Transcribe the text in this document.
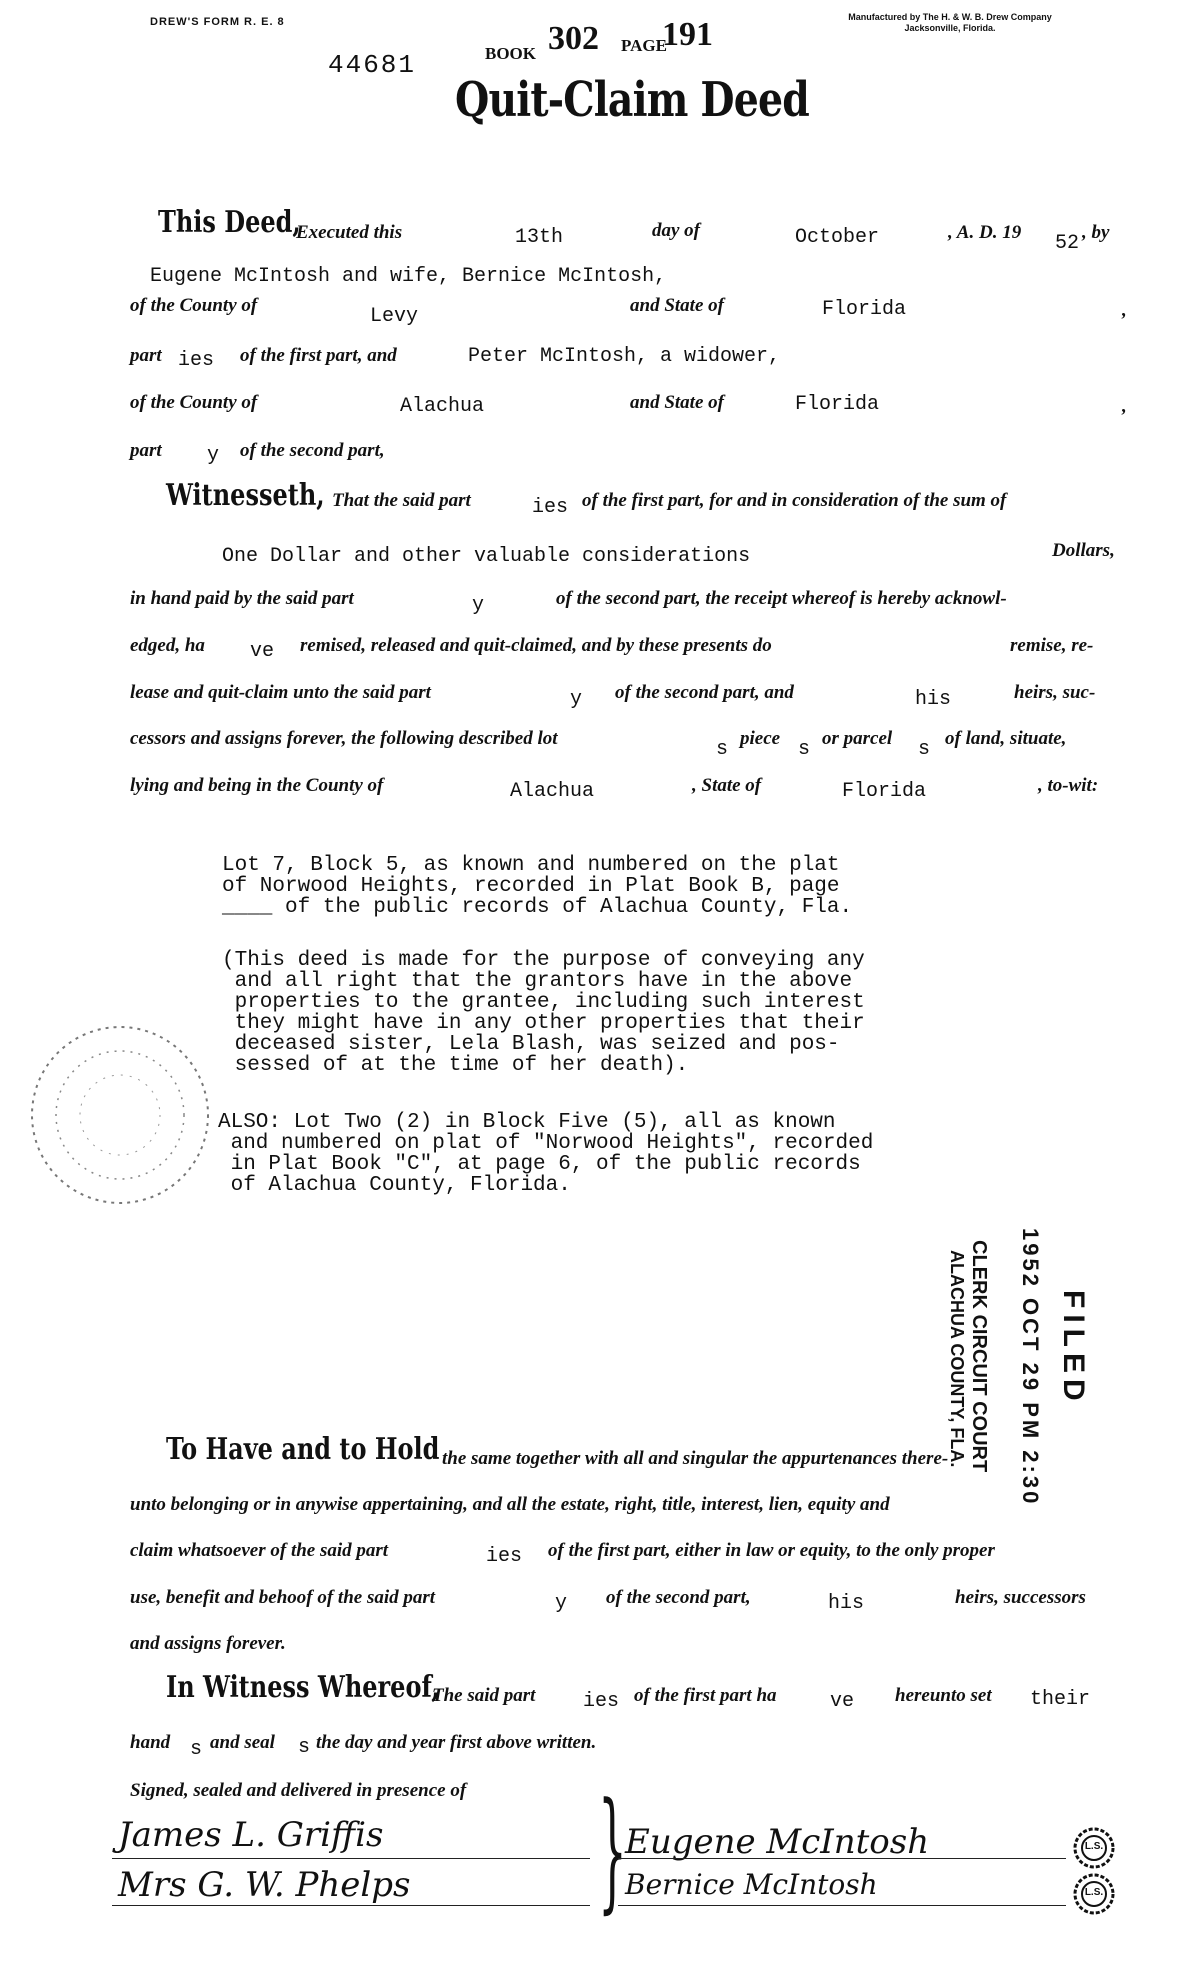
DREW'S FORM R. E. 8	Manufactured by The H. & W. B. Drew Company
Jacksonville, Florida.
44681	BOOK 302 PAGE
191
Quit-Claim Deed
This Deed,
Executed this	13th	day of	October	, A. D. 19 52 , by
Eugene McIntosh and wife, Bernice McIntosh,
of the County of	Levy	and State of	Florida	,
part ies of the first part, and	Peter McIntosh, a widower,
of the County of	Alachua	and State of	Florida	,
part y of the second part,
Witnesseth, That the said part	ies of the first part, for and in consideration of the sum of
One Dollar and other valuable considerations	Dollars,
in hand paid by the said part	y	of the second part, the receipt whereof is hereby acknowl-
edged, ha ve remised, released and quit-claimed, and by these presents do	remise, re-
lease and quit-claim unto the said part	y of the second part, and	his	heirs, suc-
cessors and assigns forever, the following described lot	s piece s or parcel s of land, situate,
lying and being in the County of	Alachua	, State of	Florida	, to-wit:
Lot 7, Block 5, as known and numbered on the plat
of Norwood Heights, recorded in Plat Book B, page
____ of the public records of Alachua County, Fla.
(This deed is made for the purpose of conveying any
and all right that the grantors have in the above
properties to the grantee, including such interest
they might have in any other properties that their
deceased sister, Lela Blash, was seized and pos-
sessed of at the time of her death).
ALSO: Lot Two (2) in Block Five (5), all as known
and numbered on plat of "Norwood Heights", recorded
in Plat Book "C", at page 6, of the public records
of Alachua County, Florida.
FILED
1952 OCT 29 PM 2:30
CLERK CIRCUIT COURT
ALACHUA COUNTY, FLA.
To Have and to Hold the same together with all and singular the appurtenances there-
unto belonging or in anywise appertaining, and all the estate, right, title, interest, lien, equity and
claim whatsoever of the said part	ies of the first part, either in law or equity, to the only proper
use, benefit and behoof of the said part	y of the second part,	his	heirs, successors
and assigns forever.
In Witness Whereof,
The said part ies of the first part ha	ve hereunto set their
hand s and seal s the day and year first above written.
Signed, sealed and delivered in presence of }
James L. Griffis
Mrs G. W. Phelps
Eugene McIntosh
Bernice McIntosh
L.S.
L.S.
